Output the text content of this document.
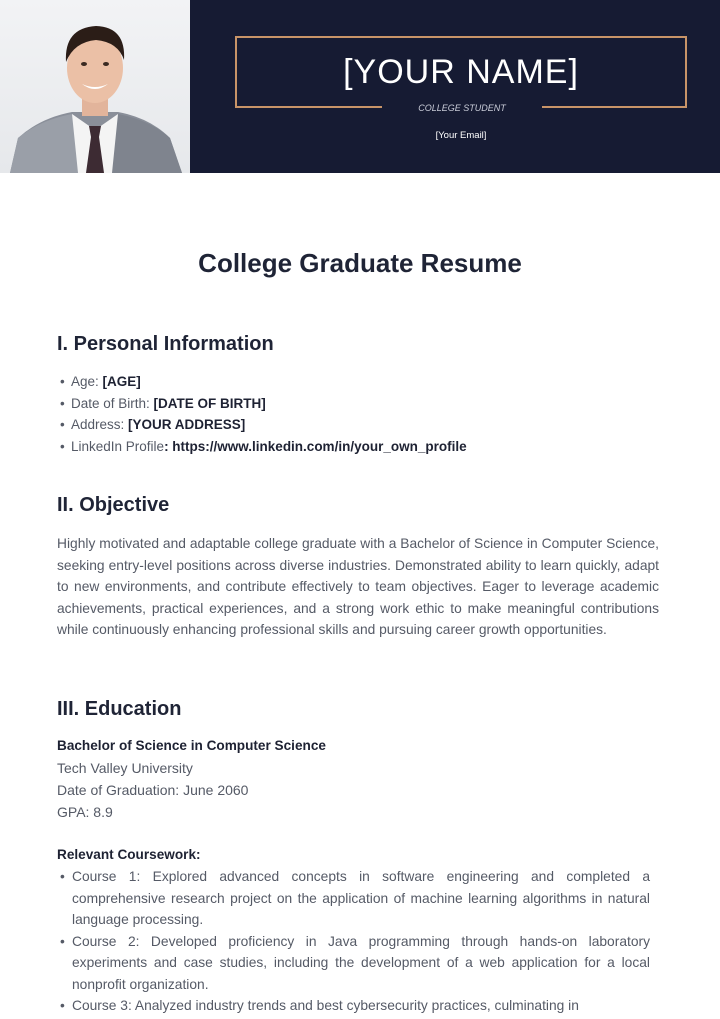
[YOUR NAME]
COLLEGE STUDENT
[Your Email]
College Graduate Resume
I. Personal Information
• Age: [AGE]
• Date of Birth: [DATE OF BIRTH]
• Address: [YOUR ADDRESS]
• LinkedIn Profile: https://www.linkedin.com/in/your_own_profile
II. Objective
Highly motivated and adaptable college graduate with a Bachelor of Science in Computer Science, seeking entry-level positions across diverse industries. Demonstrated ability to learn quickly, adapt to new environments, and contribute effectively to team objectives. Eager to leverage academic achievements, practical experiences, and a strong work ethic to make meaningful contributions while continuously enhancing professional skills and pursuing career growth opportunities.
III. Education
Bachelor of Science in Computer Science
Tech Valley University
Date of Graduation: June 2060
GPA: 8.9
Relevant Coursework:
• Course 1: Explored advanced concepts in software engineering and completed a comprehensive research project on the application of machine learning algorithms in natural language processing.
• Course 2: Developed proficiency in Java programming through hands-on laboratory experiments and case studies, including the development of a web application for a local nonprofit organization.
• Course 3: Analyzed industry trends and best cybersecurity practices, culminating in
